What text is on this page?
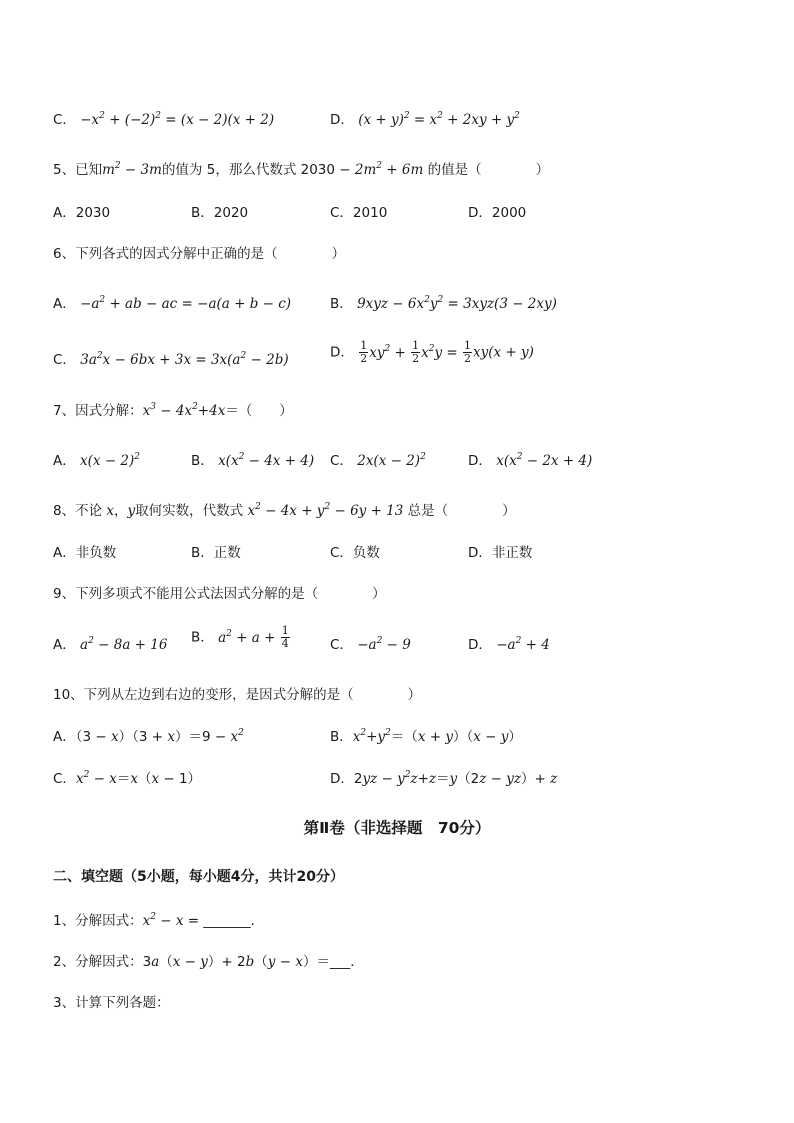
C． $-x^2 + (-2)^2 = (x - 2)(x + 2)$	D． $(x + y)^2 = x^2 + 2xy + y^2$
5、已知$m^2 - 3m$的值为 5，那么代数式 $2030 - 2m^2 + 6m$ 的值是（　　　　）
A．2030	B．2020	C．2010	D．2000
6、下列各式的因式分解中正确的是（　　　　）
A． $-a^2$ + ab − ac = −a(a + b − c)	B． $9xyz - 6x^2y^2 = 3xyz(3 - 2xy)$
C． $3a^2x - 6bx + 3x = 3x(a^2 - 2b)$	D． $\frac{1}{2} xy^2 + \frac{1}{2} x^2y = \frac{1}{2} xy(x + y)$
7、因式分解：$x^3 - 4x^2+4x=$（　　）
A． $x(x - 2)^2$	B． $x(x^2 - 4x + 4)$ C． $2x(x - 2)^2$	D． $x(x^2 - 2x + 4)$
8、不论 x，y取何实数，代数式 $x^2 - 4x + y^2 - 6y + 13$ 总是（　　　　）
A．非负数	B．正数	C．负数	D．非正数
9、下列多项式不能用公式法因式分解的是（　　　　）
A． $a^2 - 8a + 16$ B． $a^2 + a + \frac{1}{4}$	C． $-a^2 - 9$	D． $-a^2 + 4$
10、下列从左边到右边的变形，是因式分解的是（　　　　）
A．$(3 - x)(3 + x)=9 - x^2$	B．$x^2+y^2=(x + y)(x - y)$
C．$x^2 - x=x(x - 1)$	D．$2yz - y^2z+z=y(2z - yz)+ z$
第Ⅱ卷（非选择题　70分）
二、填空题（5小题，每小题4分，共计20分）
1、分解因式：$x^2 - x$ = _______．
2、分解因式：3a（x − y）+ 2b（y − x）＝___．
3、计算下列各题：
